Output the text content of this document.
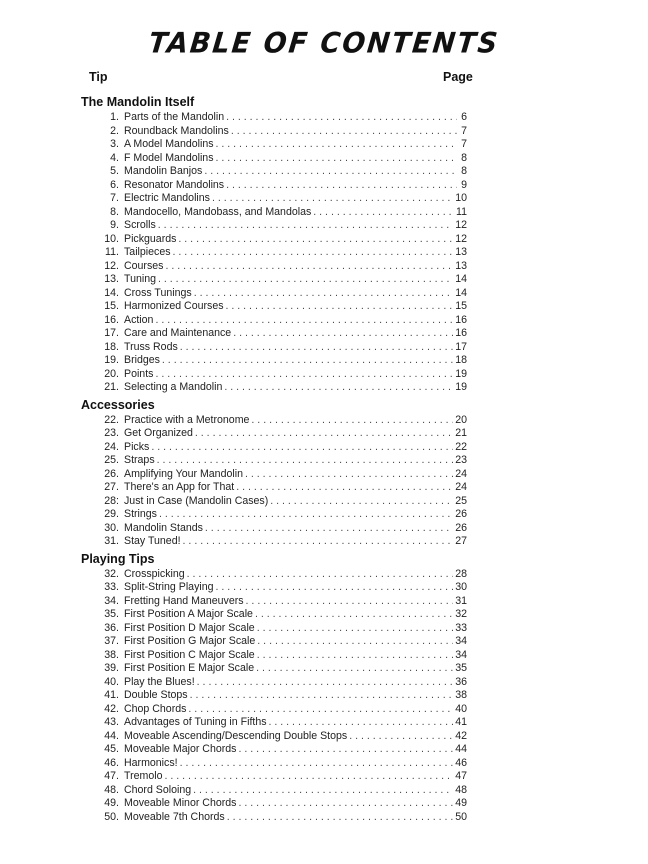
TABLE OF CONTENTS
Tip	Page
The Mandolin Itself
1. Parts of the Mandolin . . .	6
2. Roundback Mandolins . . .	7
3. A Model Mandolins . . .	7
4. F Model Mandolins . . .	8
5. Mandolin Banjos . . .	8
6. Resonator Mandolins . . .	9
7. Electric Mandolins . . .	10
8. Mandocello, Mandobass, and Mandolas . . .	11
9. Scrolls . . .	12
10. Pickguards . . .	12
11. Tailpieces . . .	13
12. Courses . . .	13
13. Tuning . . .	14
14. Cross Tunings . . .	14
15. Harmonized Courses . . .	15
16. Action . . .	16
17. Care and Maintenance . . .	16
18. Truss Rods . . .	17
19. Bridges . . .	18
20. Points . . .	19
21. Selecting a Mandolin . . .	19
Accessories
22. Practice with a Metronome . . .	20
23. Get Organized . . .	21
24. Picks . . .	22
25. Straps . . .	23
26. Amplifying Your Mandolin . . .	24
27. There's an App for That . . .	24
28: Just in Case (Mandolin Cases) . . .	25
29. Strings . . .	26
30. Mandolin Stands . . .	26
31. Stay Tuned! . . .	27
Playing Tips
32. Crosspicking . . .	28
33. Split-String Playing . . .	30
34. Fretting Hand Maneuvers . . .	31
35. First Position A Major Scale . . .	32
36. First Position D Major Scale . . .	33
37. First Position G Major Scale . . .	34
38. First Position C Major Scale . . .	34
39. First Position E Major Scale . . .	35
40. Play the Blues! . . .	36
41. Double Stops . . .	38
42. Chop Chords . . .	40
43. Advantages of Tuning in Fifths . . .	41
44. Moveable Ascending/Descending Double Stops . . .	42
45. Moveable Major Chords . . .	44
46. Harmonics! . . .	46
47. Tremolo . . .	47
48. Chord Soloing . . .	48
49. Moveable Minor Chords . . .	49
50. Moveable 7th Chords . . .	50
